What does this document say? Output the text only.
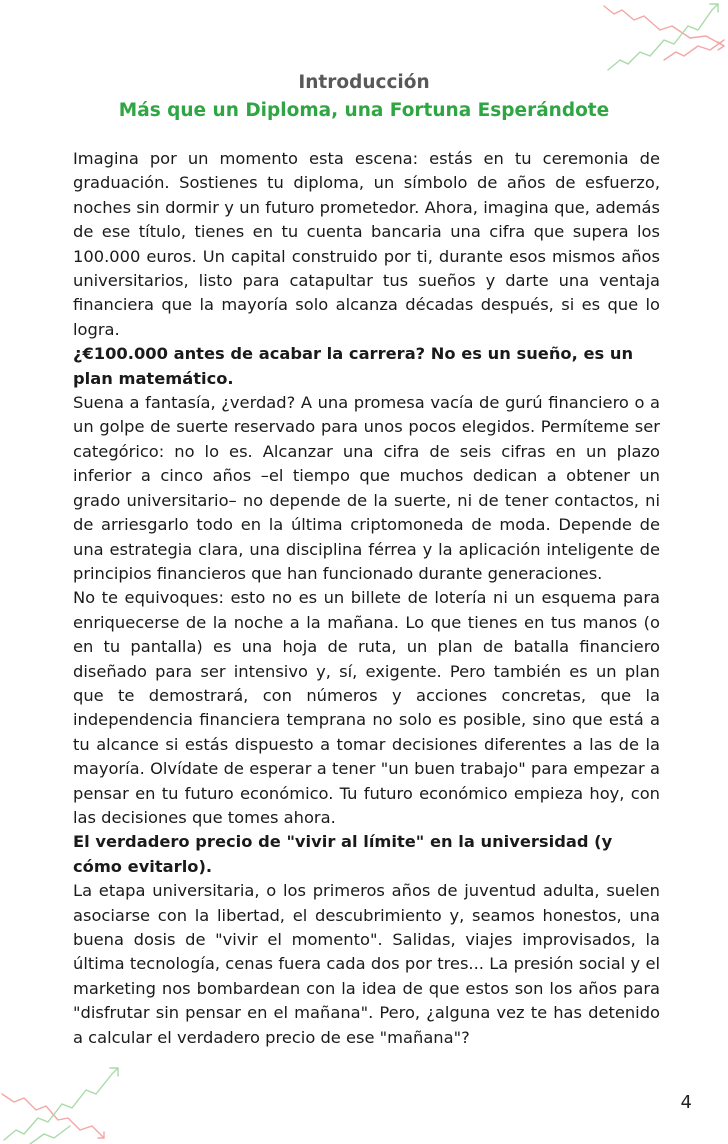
Introducción
Más que un Diploma, una Fortuna Esperándote

Imagina por un momento esta escena: estás en tu ceremonia de graduación. Sostienes tu diploma, un símbolo de años de esfuerzo, noches sin dormir y un futuro prometedor. Ahora, imagina que, además de ese título, tienes en tu cuenta bancaria una cifra que supera los 100.000 euros. Un capital construido por ti, durante esos mismos años universitarios, listo para catapultar tus sueños y darte una ventaja financiera que la mayoría solo alcanza décadas después, si es que lo logra.

¿€100.000 antes de acabar la carrera? No es un sueño, es un plan matemático.

Suena a fantasía, ¿verdad? A una promesa vacía de gurú financiero o a un golpe de suerte reservado para unos pocos elegidos. Permíteme ser categórico: no lo es. Alcanzar una cifra de seis cifras en un plazo inferior a cinco años –el tiempo que muchos dedican a obtener un grado universitario– no depende de la suerte, ni de tener contactos, ni de arriesgarlo todo en la última criptomoneda de moda. Depende de una estrategia clara, una disciplina férrea y la aplicación inteligente de principios financieros que han funcionado durante generaciones.

No te equivoques: esto no es un billete de lotería ni un esquema para enriquecerse de la noche a la mañana. Lo que tienes en tus manos (o en tu pantalla) es una hoja de ruta, un plan de batalla financiero diseñado para ser intensivo y, sí, exigente. Pero también es un plan que te demostrará, con números y acciones concretas, que la independencia financiera temprana no solo es posible, sino que está a tu alcance si estás dispuesto a tomar decisiones diferentes a las de la mayoría. Olvídate de esperar a tener "un buen trabajo" para empezar a pensar en tu futuro económico. Tu futuro económico empieza hoy, con las decisiones que tomes ahora.

El verdadero precio de "vivir al límite" en la universidad (y cómo evitarlo).

La etapa universitaria, o los primeros años de juventud adulta, suelen asociarse con la libertad, el descubrimiento y, seamos honestos, una buena dosis de "vivir el momento". Salidas, viajes improvisados, la última tecnología, cenas fuera cada dos por tres... La presión social y el marketing nos bombardean con la idea de que estos son los años para "disfrutar sin pensar en el mañana". Pero, ¿alguna vez te has detenido a calcular el verdadero precio de ese "mañana"?

4
